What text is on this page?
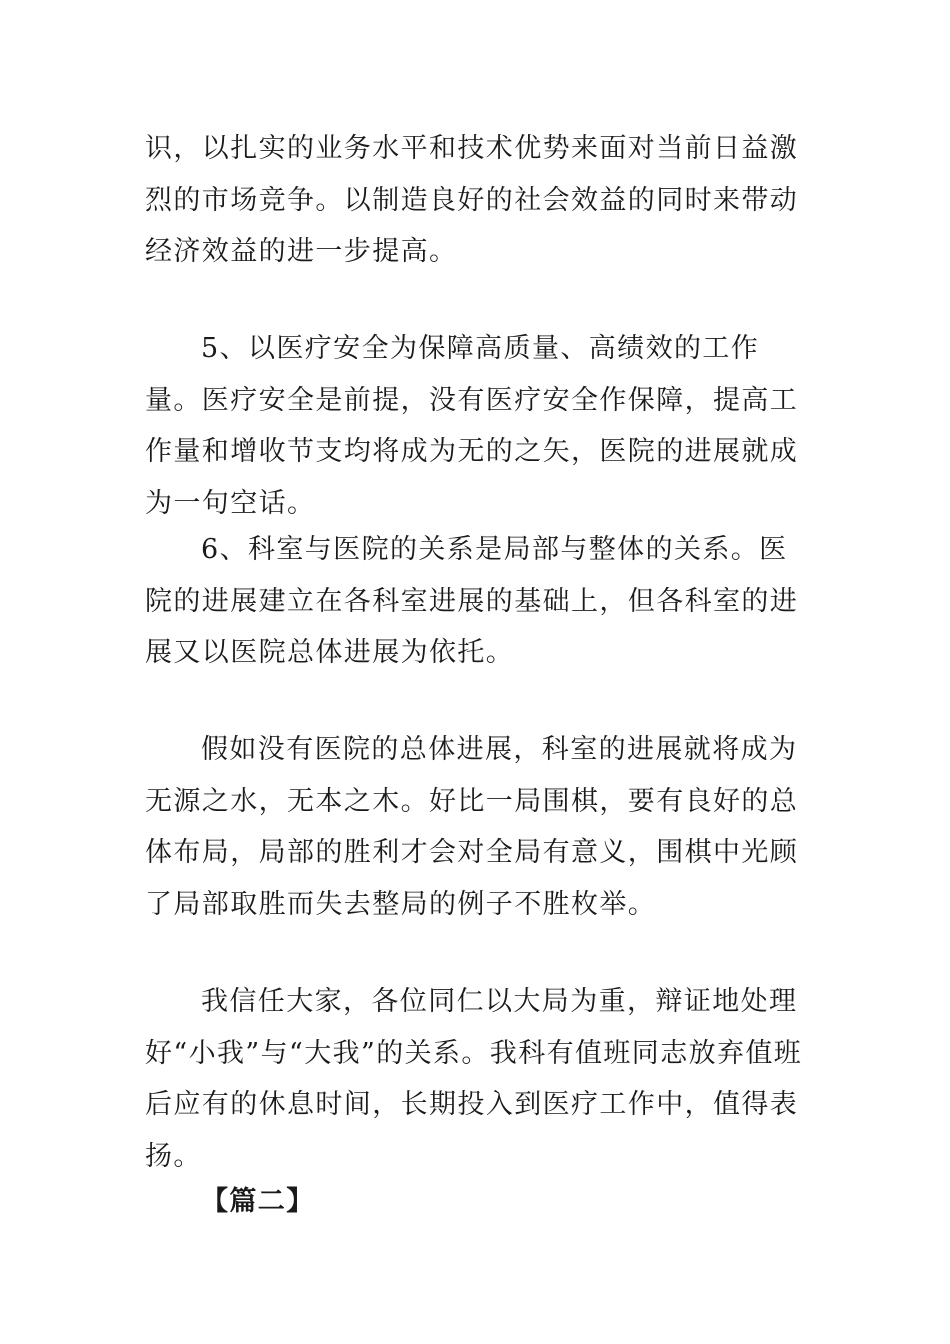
识，以扎实的业务水平和技术优势来面对当前日益激烈的市场竞争。以制造良好的社会效益的同时来带动经济效益的进一步提高。

5、以医疗安全为保障高质量、高绩效的工作量。医疗安全是前提，没有医疗安全作保障，提高工作量和增收节支均将成为无的之矢，医院的进展就成为一句空话。

6、科室与医院的关系是局部与整体的关系。医院的进展建立在各科室进展的基础上，但各科室的进展又以医院总体进展为依托。

假如没有医院的总体进展，科室的进展就将成为无源之水，无本之木。好比一局围棋，要有良好的总体布局，局部的胜利才会对全局有意义，围棋中光顾了局部取胜而失去整局的例子不胜枚举。

我信任大家，各位同仁以大局为重，辩证地处理好“小我”与“大我”的关系。我科有值班同志放弃值班后应有的休息时间，长期投入到医疗工作中，值得表扬。

【篇二】
